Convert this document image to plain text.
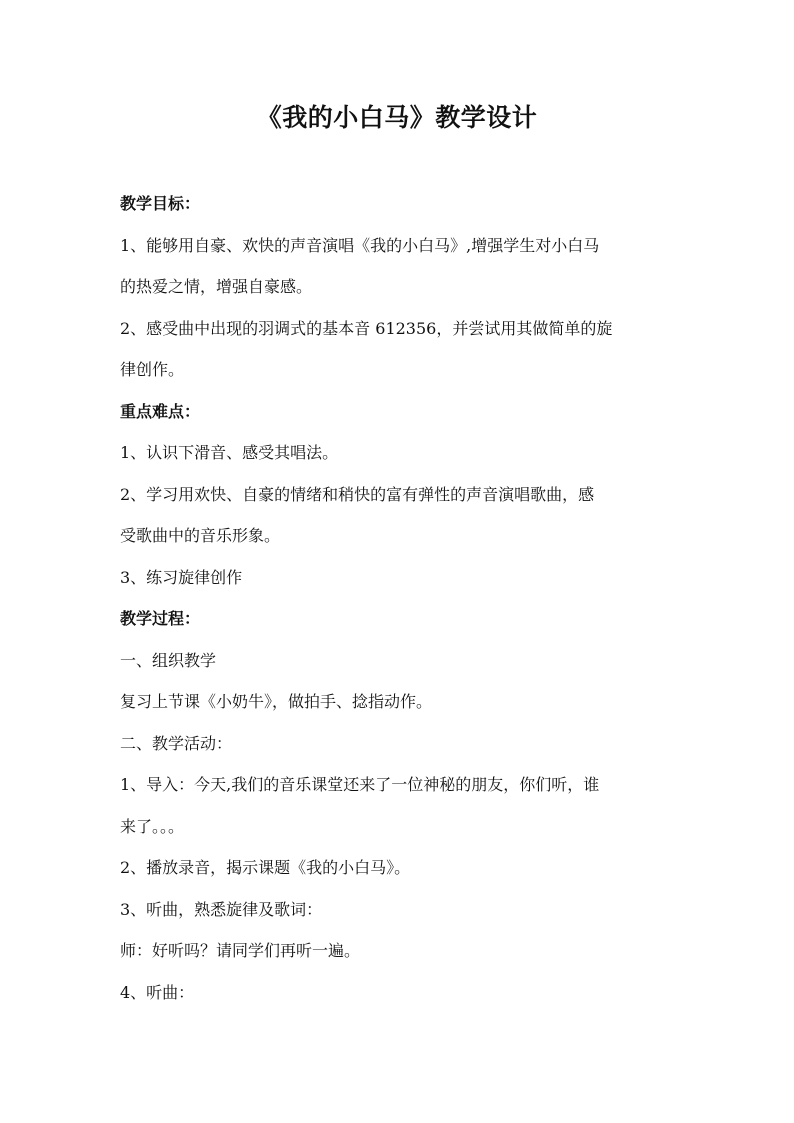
《我的小白马》教学设计
教学目标：
1、能够用自豪、欢快的声音演唱《我的小白马》,增强学生对小白马
的热爱之情，增强自豪感。
2、感受曲中出现的羽调式的基本音 612356，并尝试用其做简单的旋
律创作。
重点难点：
1、认识下滑音、感受其唱法。
2、学习用欢快、自豪的情绪和稍快的富有弹性的声音演唱歌曲，感
受歌曲中的音乐形象。
3、练习旋律创作
教学过程：
一、组织教学
复习上节课《小奶牛》，做拍手、捻指动作。
二、教学活动：
1、导入：今天,我们的音乐课堂还来了一位神秘的朋友，你们听，谁
来了。。。
2、播放录音，揭示课题《我的小白马》。
3、听曲，熟悉旋律及歌词：
师：好听吗？请同学们再听一遍。
4、听曲：
